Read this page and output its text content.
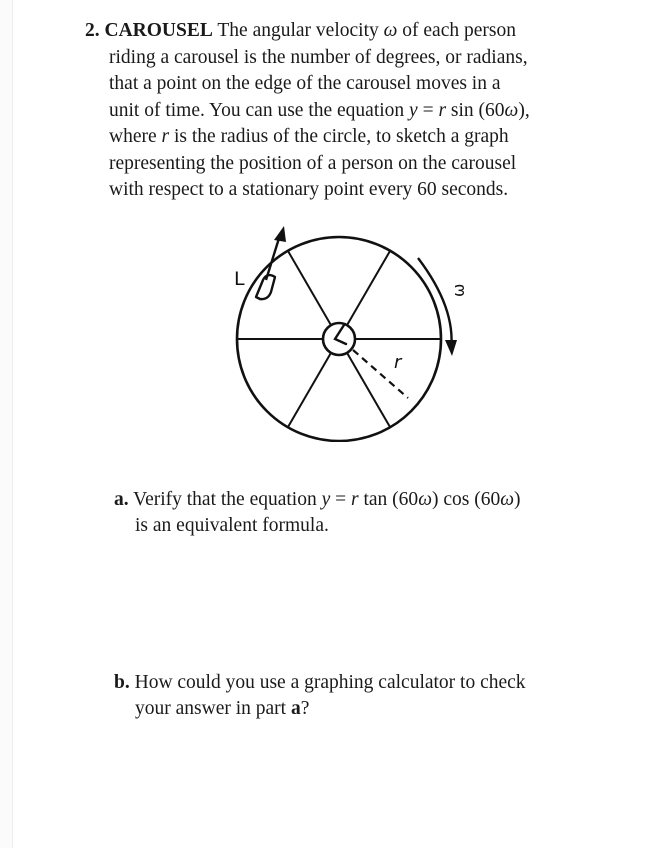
2. CAROUSEL The angular velocity ω of each person
riding a carousel is the number of degrees, or radians,
that a point on the edge of the carousel moves in a
unit of time. You can use the equation y = r sin (60ω),
where r is the radius of the circle, to sketch a graph
representing the position of a person on the carousel
with respect to a stationary point every 60 seconds.
r
L
ω
a. Verify that the equation y = r tan (60ω) cos (60ω)
is an equivalent formula.
b. How could you use a graphing calculator to check
your answer in part a?
